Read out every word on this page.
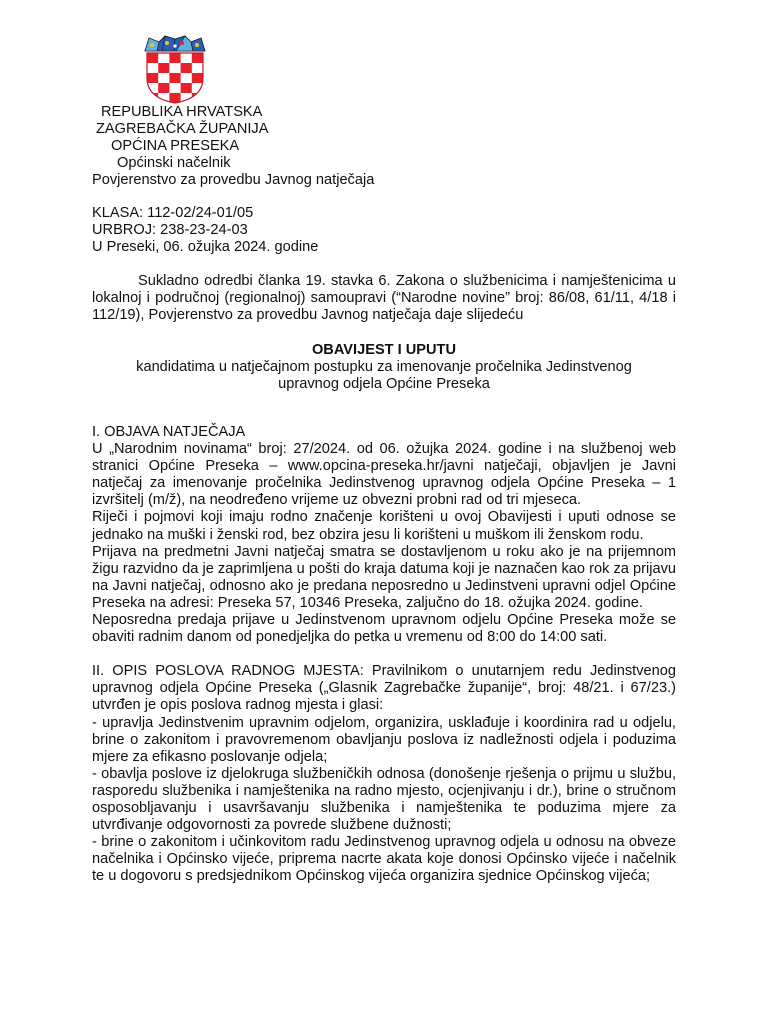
REPUBLIKA HRVATSKA
ZAGREBAČKA ŽUPANIJA
OPĆINA PRESEKA
Općinski načelnik
Povjerenstvo za provedbu Javnog natječaja
KLASA: 112-02/24-01/05
URBROJ: 238-23-24-03
U Preseki, 06. ožujka 2024. godine
Sukladno odredbi članka 19. stavka 6. Zakona o službenicima i namještenicima u lokalnoj i područnoj (regionalnoj) samoupravi (“Narodne novine” broj: 86/08, 61/11, 4/18 i 112/19), Povjerenstvo za provedbu Javnog natječaja daje slijedeću
OBAVIJEST I UPUTU
kandidatima u natječajnom postupku za imenovanje pročelnika Jedinstvenog
upravnog odjela Općine Preseka

I. OBJAVA NATJEČAJA

U „Narodnim novinama“ broj: 27/2024. od 06. ožujka 2024. godine i na službenoj web stranici Općine Preseka – www.opcina-preseka.hr/javni natječaji, objavljen je Javni natječaj za imenovanje pročelnika Jedinstvenog upravnog odjela Općine Preseka – 1 izvršitelj (m/ž), na neodređeno vrijeme uz obvezni probni rad od tri mjeseca.

Riječi i pojmovi koji imaju rodno značenje korišteni u ovoj Obavijesti i uputi odnose se jednako na muški i ženski rod, bez obzira jesu li korišteni u muškom ili ženskom rodu.

Prijava na predmetni Javni natječaj smatra se dostavljenom u roku ako je na prijemnom žigu razvidno da je zaprimljena u pošti do kraja datuma koji je naznačen kao rok za prijavu na Javni natječaj, odnosno ako je predana neposredno u Jedinstveni upravni odjel Općine Preseka na adresi: Preseka 57, 10346 Preseka, zaljučno do 18. ožujka 2024. godine.

Neposredna predaja prijave u Jedinstvenom upravnom odjelu Općine Preseka može se obaviti radnim danom od ponedjeljka do petka u vremenu od 8:00 do 14:00 sati.

II. OPIS POSLOVA RADNOG MJESTA: Pravilnikom o unutarnjem redu Jedinstvenog upravnog odjela Općine Preseka („Glasnik Zagrebačke županije“, broj: 48/21. i 67/23.) utvrđen je opis poslova radnog mjesta i glasi:

- upravlja Jedinstvenim upravnim odjelom, organizira, usklađuje i koordinira rad u odjelu, brine o zakonitom i pravovremenom obavljanju poslova iz nadležnosti odjela i poduzima mjere za efikasno poslovanje odjela;

- obavlja poslove iz djelokruga službeničkih odnosa (donošenje rješenja o prijmu u službu, rasporedu službenika i namještenika na radno mjesto, ocjenjivanju i dr.), brine o stručnom osposobljavanju i usavršavanju službenika i namještenika te poduzima mjere za utvrđivanje odgovornosti za povrede službene dužnosti;

- brine o zakonitom i učinkovitom radu Jedinstvenog upravnog odjela u odnosu na obveze načelnika i Općinsko vijeće, priprema nacrte akata koje donosi Općinsko vijeće i načelnik te u dogovoru s predsjednikom Općinskog vijeća organizira sjednice Općinskog vijeća;
